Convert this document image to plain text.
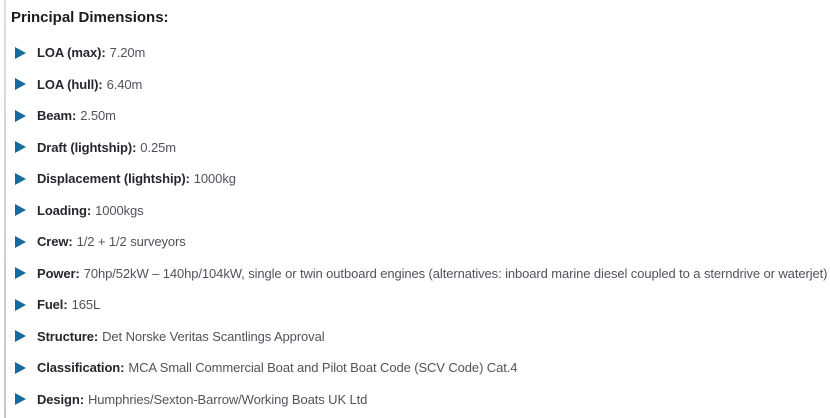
Principal Dimensions:
LOA (max): 7.20m
LOA (hull): 6.40m
Beam: 2.50m
Draft (lightship): 0.25m
Displacement (lightship): 1000kg
Loading: 1000kgs
Crew: 1/2 + 1/2 surveyors
Power: 70hp/52kW – 140hp/104kW, single or twin outboard engines (alternatives: inboard marine diesel coupled to a sterndrive or waterjet)
Fuel: 165L
Structure: Det Norske Veritas Scantlings Approval
Classification: MCA Small Commercial Boat and Pilot Boat Code (SCV Code) Cat.4
Design: Humphries/Sexton-Barrow/Working Boats UK Ltd
